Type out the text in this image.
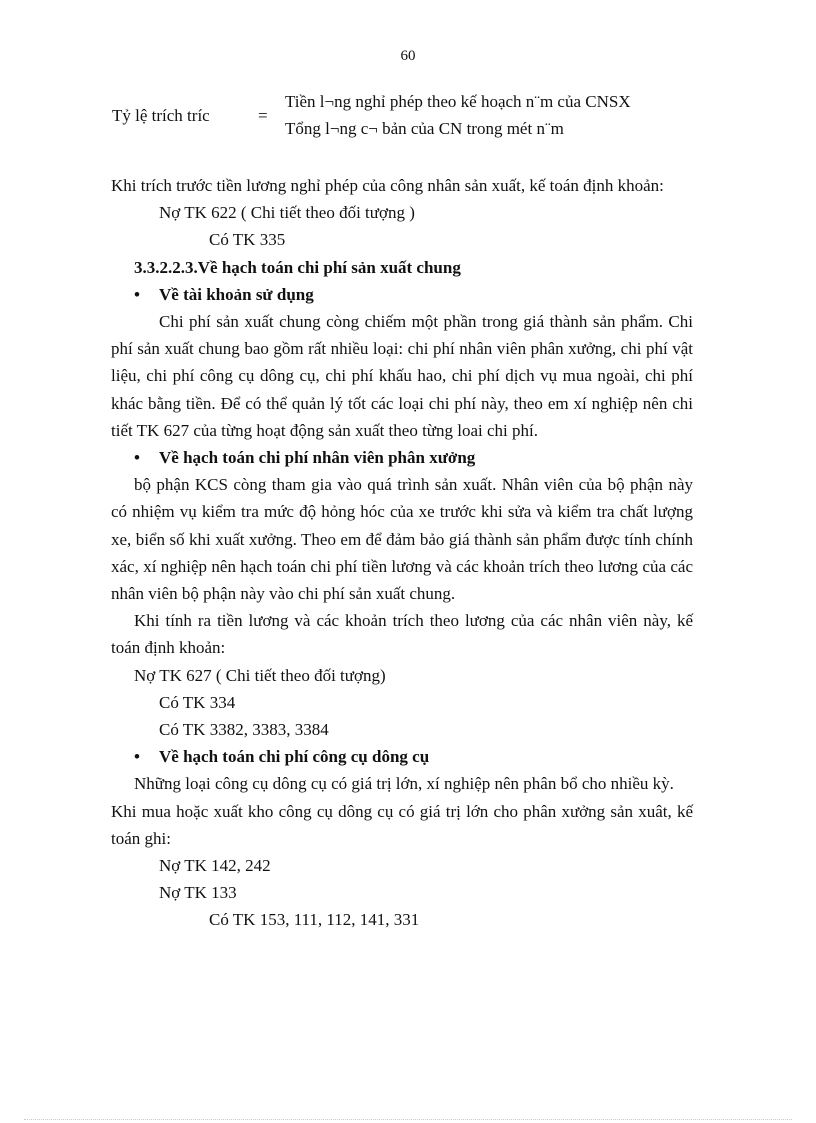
60
Tỷ lệ trích tríc	=
Tiền l¬ng nghỉ phép theo kế hoạch n¨m của CNSX
Tổng l¬ng c¬ bản của CN trong mét n¨m

Khi trích trước tiền lương nghỉ phép của công nhân sản xuất, kế toán định khoản:

Nợ TK 622 ( Chi tiết theo đối tượng )

Có TK 335

3.3.2.2.3.Về hạch toán chi phí sản xuất chung

• Về tài khoản sử dụng

Chi phí sản xuất chung còng chiếm một phần trong giá thành sản phẩm. Chi phí sản xuất chung bao gồm rất nhiều loại: chi phí nhân viên phân xưởng, chi phí vật liệu, chi phí công cụ dông cụ, chi phí khấu hao, chi phí dịch vụ mua ngoài, chi phí khác bằng tiền. Để có thể quản lý tốt các loại chi phí này, theo em xí nghiệp nên chi tiết TK 627 của từng hoạt động sản xuất theo từng loai chi phí.

• Về hạch toán chi phí nhân viên phân xưởng

bộ phận KCS còng tham gia vào quá trình sản xuất. Nhân viên của bộ phận này có nhiệm vụ kiểm tra mức độ hỏng hóc của xe trước khi sửa và kiểm tra chất lượng xe, biển số khi xuất xưởng. Theo em để đảm bảo giá thành sản phẩm được tính chính xác, xí nghiệp nên hạch toán chi phí tiền lương và các khoản trích theo lương của các nhân viên bộ phận này vào chi phí sản xuất chung.

Khi tính ra tiền lương và các khoản trích theo lương của các nhân viên này, kế toán định khoản:

Nợ TK 627 ( Chi tiết theo đối tượng)

Có TK 334

Có TK 3382, 3383, 3384

• Về hạch toán chi phí công cụ dông cụ

Những loại công cụ dông cụ có giá trị lớn, xí nghiệp nên phân bổ cho nhiều kỳ.

Khi mua hoặc xuất kho công cụ dông cụ có giá trị lớn cho phân xưởng sản xuât, kế toán ghi:

Nợ TK 142, 242

Nợ TK 133

Có TK 153, 111, 112, 141, 331
